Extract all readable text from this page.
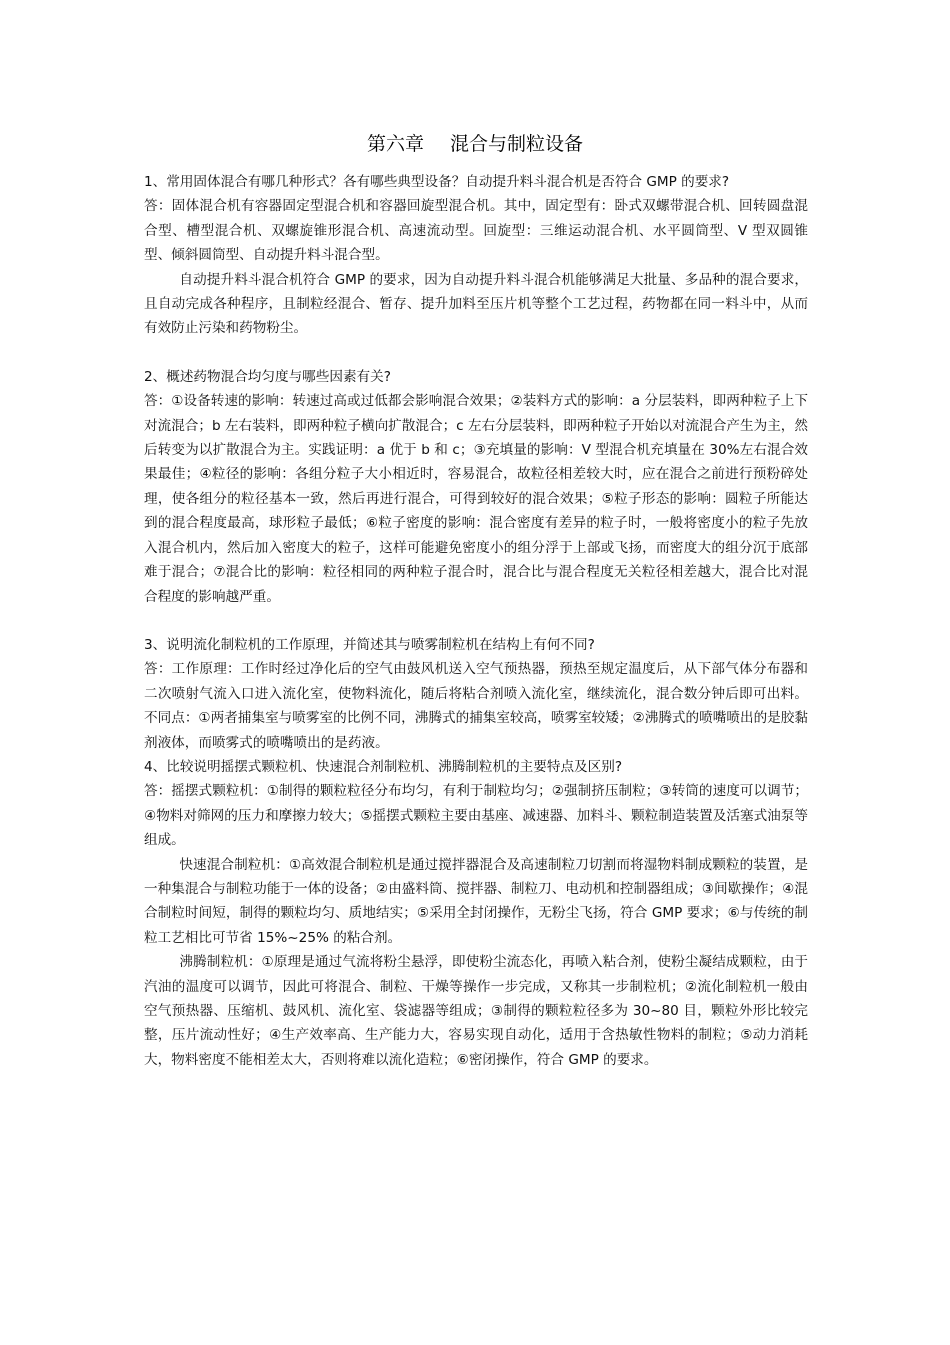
第六章 混合与制粒设备

1、常用固体混合有哪几种形式？各有哪些典型设备？自动提升料斗混合机是否符合 GMP 的要求?

答：固体混合机有容器固定型混合机和容器回旋型混合机。其中，固定型有：卧式双螺带混合机、回转圆盘混合型、槽型混合机、双螺旋锥形混合机、高速流动型。回旋型：三维运动混合机、水平圆筒型、V 型双圆锥型、倾斜圆筒型、自动提升料斗混合型。

自动提升料斗混合机符合 GMP 的要求，因为自动提升料斗混合机能够满足大批量、多品种的混合要求，且自动完成各种程序，且制粒经混合、暂存、提升加料至压片机等整个工艺过程，药物都在同一料斗中，从而有效防止污染和药物粉尘。

2、概述药物混合均匀度与哪些因素有关?

答：①设备转速的影响：转速过高或过低都会影响混合效果；②装料方式的影响：a 分层装料，即两种粒子上下对流混合；b 左右装料，即两种粒子横向扩散混合；c 左右分层装料，即两种粒子开始以对流混合产生为主，然后转变为以扩散混合为主。实践证明：a 优于 b 和 c；③充填量的影响：V 型混合机充填量在 30%左右混合效果最佳；④粒径的影响：各组分粒子大小相近时，容易混合，故粒径相差较大时，应在混合之前进行预粉碎处理，使各组分的粒径基本一致，然后再进行混合，可得到较好的混合效果；⑤粒子形态的影响：圆粒子所能达到的混合程度最高，球形粒子最低；⑥粒子密度的影响：混合密度有差异的粒子时，一般将密度小的粒子先放入混合机内，然后加入密度大的粒子，这样可能避免密度小的组分浮于上部或飞扬，而密度大的组分沉于底部难于混合；⑦混合比的影响：粒径相同的两种粒子混合时，混合比与混合程度无关粒径相差越大，混合比对混合程度的影响越严重。

3、说明流化制粒机的工作原理，并简述其与喷雾制粒机在结构上有何不同?

答：工作原理：工作时经过净化后的空气由鼓风机送入空气预热器，预热至规定温度后，从下部气体分布器和二次喷射气流入口进入流化室，使物料流化，随后将粘合剂喷入流化室，继续流化，混合数分钟后即可出料。不同点：①两者捕集室与喷雾室的比例不同，沸腾式的捕集室较高，喷雾室较矮；②沸腾式的喷嘴喷出的是胶黏剂液体，而喷雾式的喷嘴喷出的是药液。

4、比较说明摇摆式颗粒机、快速混合剂制粒机、沸腾制粒机的主要特点及区别?

答：摇摆式颗粒机：①制得的颗粒粒径分布均匀，有利于制粒均匀；②强制挤压制粒；③转筒的速度可以调节；④物料对筛网的压力和摩擦力较大；⑤摇摆式颗粒主要由基座、减速器、加料斗、颗粒制造装置及活塞式油泵等组成。

快速混合制粒机：①高效混合制粒机是通过搅拌器混合及高速制粒刀切割而将湿物料制成颗粒的装置，是一种集混合与制粒功能于一体的设备；②由盛料筒、搅拌器、制粒刀、电动机和控制器组成；③间歇操作；④混合制粒时间短，制得的颗粒均匀、质地结实；⑤采用全封闭操作，无粉尘飞扬，符合 GMP 要求；⑥与传统的制粒工艺相比可节省 15%~25% 的粘合剂。

沸腾制粒机：①原理是通过气流将粉尘悬浮，即使粉尘流态化，再喷入粘合剂，使粉尘凝结成颗粒，由于汽油的温度可以调节，因此可将混合、制粒、干燥等操作一步完成，又称其一步制粒机；②流化制粒机一般由空气预热器、压缩机、鼓风机、流化室、袋滤器等组成；③制得的颗粒粒径多为 30~80 目，颗粒外形比较完整，压片流动性好；④生产效率高、生产能力大，容易实现自动化，适用于含热敏性物料的制粒；⑤动力消耗大，物料密度不能相差太大，否则将难以流化造粒；⑥密闭操作，符合 GMP 的要求。
